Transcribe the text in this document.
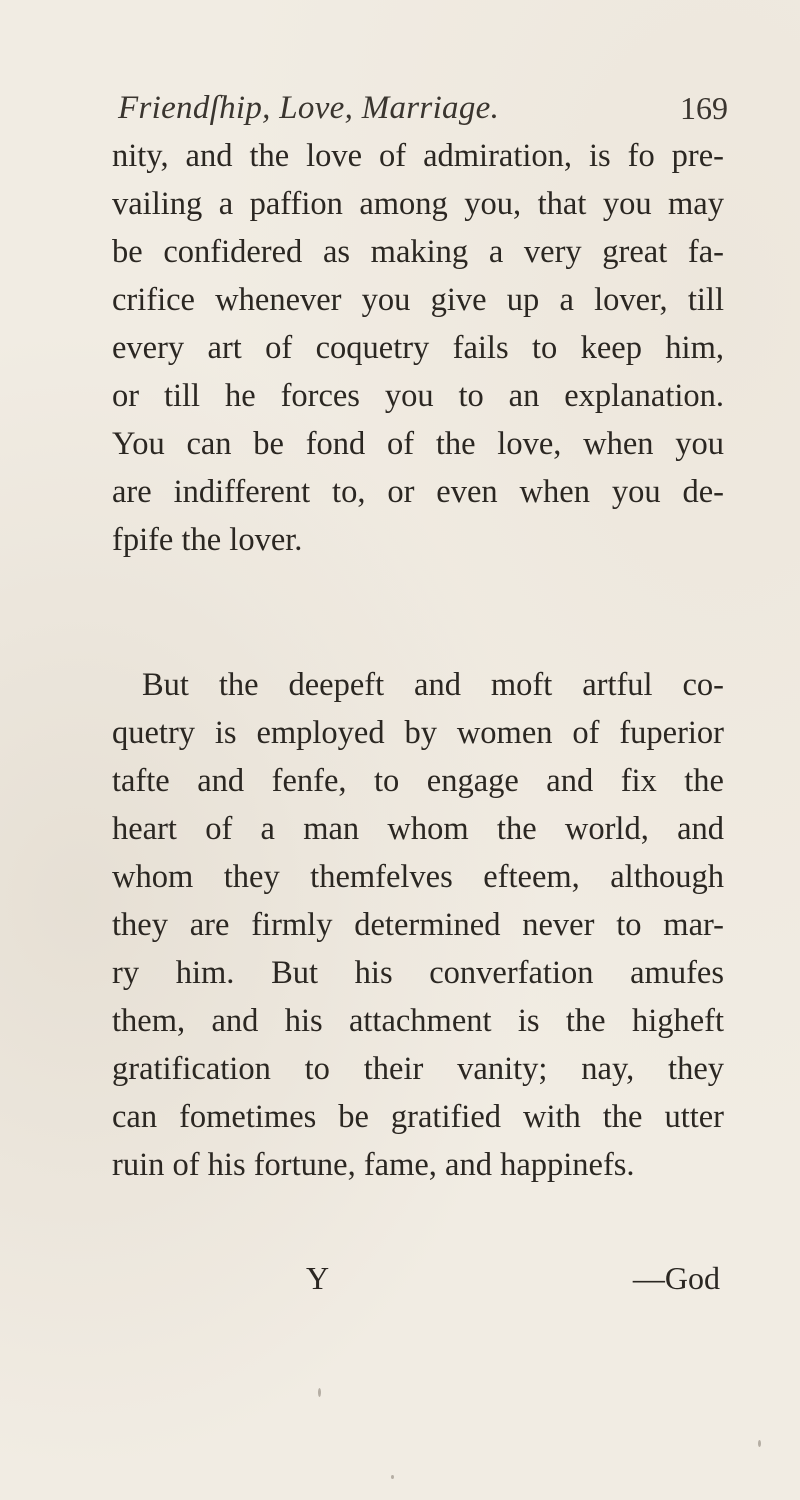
Friendſhip, Love, Marriage.	169
nity, and the love of admiration, is fo pre-
vailing a paffion among you, that you may
be confidered as making a very great fa-
crifice whenever you give up a lover, till
every art of coquetry fails to keep him,
or till he forces you to an explanation.
You can be fond of the love, when you
are indifferent to, or even when you de-
fpife the lover.
But the deepeft and moft artful co-
quetry is employed by women of fuperior
tafte and fenfe, to engage and fix the
heart of a man whom the world, and
whom they themfelves efteem, although
they are firmly determined never to mar-
ry him. But his converfation amufes
them, and his attachment is the higheft
gratification to their vanity; nay, they
can fometimes be gratified with the utter
ruin of his fortune, fame, and happinefs.
Y	—God
